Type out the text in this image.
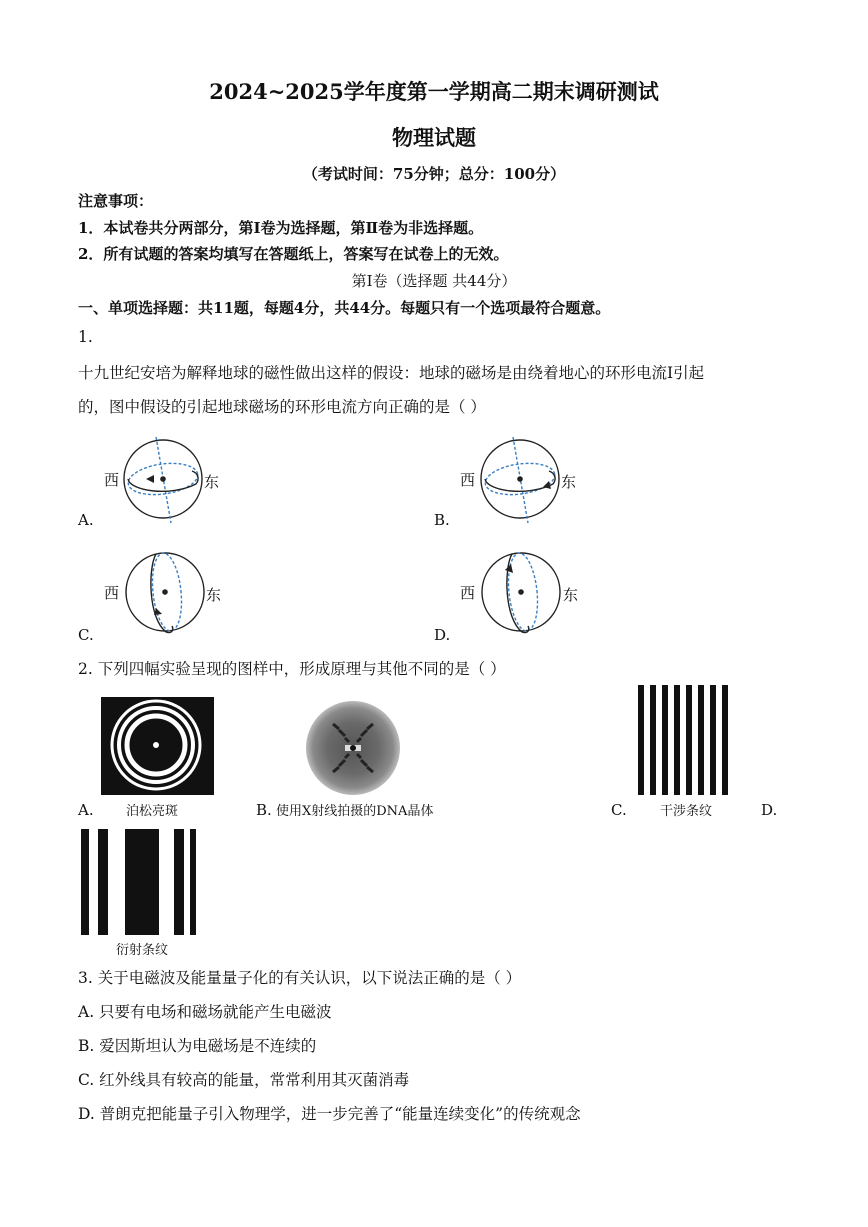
2024~2025学年度第一学期高二期末调研测试
物理试题
（考试时间：75分钟；总分：100分）
注意事项：
1．本试卷共分两部分，第Ⅰ卷为选择题，第Ⅱ卷为非选择题。
2．所有试题的答案均填写在答题纸上，答案写在试卷上的无效。
第Ⅰ卷（选择题 共44分）
一、单项选择题：共11题，每题4分，共44分。每题只有一个选项最符合题意。
1.
十九世纪安培为解释地球的磁性做出这样的假设：地球的磁场是由绕着地心的环形电流I引起
的，图中假设的引起地球磁场的环形电流方向正确的是（ ）
A.
西	东
B.
西	东
C.
西	东
D.
西	东
2. 下列四幅实验呈现的图样中，形成原理与其他不同的是（ ）
A. 泊松亮斑	B. 使用X射线拍摄的DNA晶体	C.	干涉条纹	D.
衍射条纹
3. 关于电磁波及能量量子化的有关认识，以下说法正确的是（ ）
A. 只要有电场和磁场就能产生电磁波
B. 爱因斯坦认为电磁场是不连续的
C. 红外线具有较高的能量，常常利用其灭菌消毒
D. 普朗克把能量子引入物理学，进一步完善了“能量连续变化”的传统观念
